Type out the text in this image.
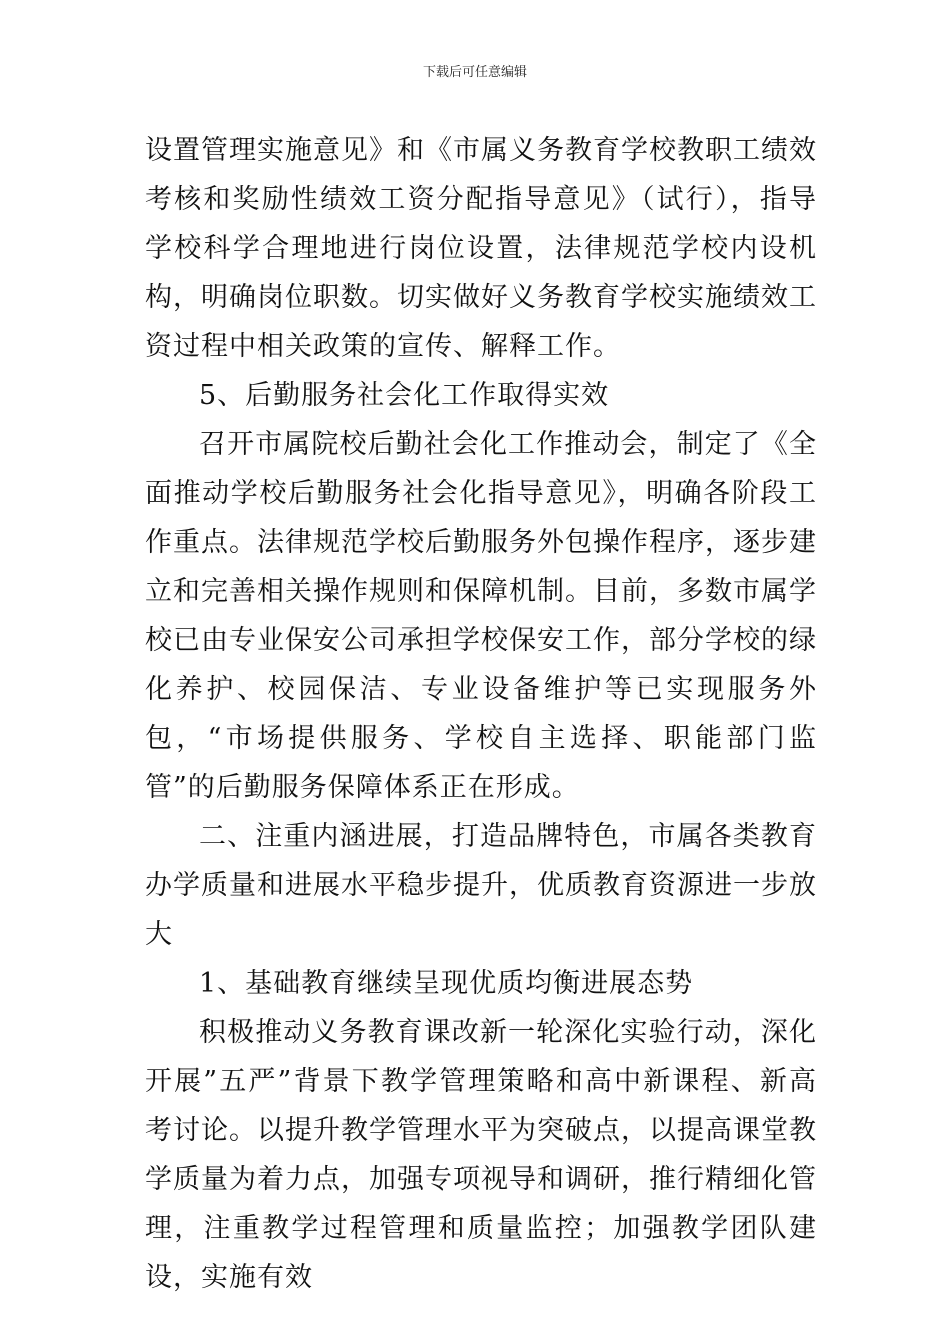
下载后可任意编辑

设置管理实施意见》和《市属义务教育学校教职工绩效考核和奖励性绩效工资分配指导意见》（试行），指导学校科学合理地进行岗位设置，法律规范学校内设机构，明确岗位职数。切实做好义务教育学校实施绩效工资过程中相关政策的宣传、解释工作。

5、后勤服务社会化工作取得实效

召开市属院校后勤社会化工作推动会，制定了《全面推动学校后勤服务社会化指导意见》，明确各阶段工作重点。法律规范学校后勤服务外包操作程序，逐步建立和完善相关操作规则和保障机制。目前，多数市属学校已由专业保安公司承担学校保安工作，部分学校的绿化养护、校园保洁、专业设备维护等已实现服务外包，“市场提供服务、学校自主选择、职能部门监管”的后勤服务保障体系正在形成。

二、注重内涵进展，打造品牌特色，市属各类教育办学质量和进展水平稳步提升，优质教育资源进一步放大

1、基础教育继续呈现优质均衡进展态势

积极推动义务教育课改新一轮深化实验行动，深化开展”五严”背景下教学管理策略和高中新课程、新高考讨论。以提升教学管理水平为突破点，以提高课堂教学质量为着力点，加强专项视导和调研，推行精细化管理，注重教学过程管理和质量监控；加强教学团队建设，实施有效
